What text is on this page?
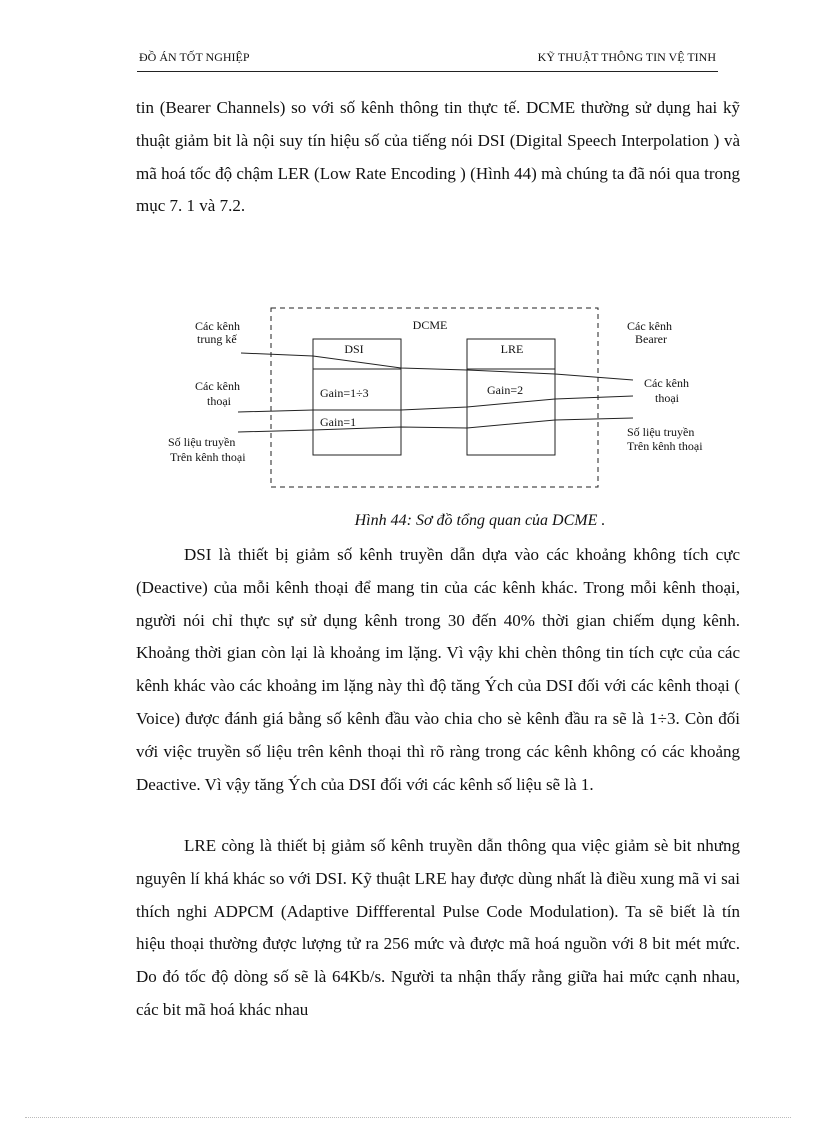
ĐỒ ÁN TỐT NGHIỆP	KỸ THUẬT THÔNG TIN VỆ TINH

tin (Bearer Channels) so với số kênh thông tin thực tế. DCME thường sử dụng hai kỹ thuật giảm bit là nội suy tín hiệu số của tiếng nói DSI (Digital Speech Interpolation ) và mã hoá tốc độ chậm LER (Low Rate Encoding ) (Hình 44) mà chúng ta đã nói qua trong mục 7. 1 và 7.2.

DCME
DSI
Gain=1÷3
Gain=1
LRE
Gain=2
Các kênh
trung kế
Các kênh
thoại
Số liệu truyền
Trên kênh thoại
Các kênh
Bearer
Các kênh
thoại
Số liệu truyền
Trên kênh thoại
Hình 44: Sơ đồ tổng quan của DCME .

DSI là thiết bị giảm số kênh truyền dẫn dựa vào các khoảng không tích cực (Deactive) của mỗi kênh thoại để mang tin của các kênh khác. Trong mỗi kênh thoại, người nói chỉ thực sự sử dụng kênh trong 30 đến 40% thời gian chiếm dụng kênh. Khoảng thời gian còn lại là khoảng im lặng. Vì vậy khi chèn thông tin tích cực của các kênh khác vào các khoảng im lặng này thì độ tăng Ých của DSI đối với các kênh thoại ( Voice) được đánh giá bằng số kênh đầu vào chia cho sè kênh đầu ra sẽ là 1÷3. Còn đối với việc truyền số liệu trên kênh thoại thì rõ ràng trong các kênh không có các khoảng Deactive. Vì vậy tăng Ých của DSI đối với các kênh số liệu sẽ là 1.

LRE còng là thiết bị giảm số kênh truyền dẫn thông qua việc giảm sè bit nhưng nguyên lí khá khác so với DSI. Kỹ thuật LRE hay được dùng nhất là điều xung mã vi sai thích nghi ADPCM (Adaptive Diffferental Pulse Code Modulation). Ta sẽ biết là tín hiệu thoại thường được lượng tử ra 256 mức và được mã hoá nguồn với 8 bit mét mức. Do đó tốc độ dòng số sẽ là 64Kb/s. Người ta nhận thấy rằng giữa hai mức cạnh nhau, các bit mã hoá khác nhau
